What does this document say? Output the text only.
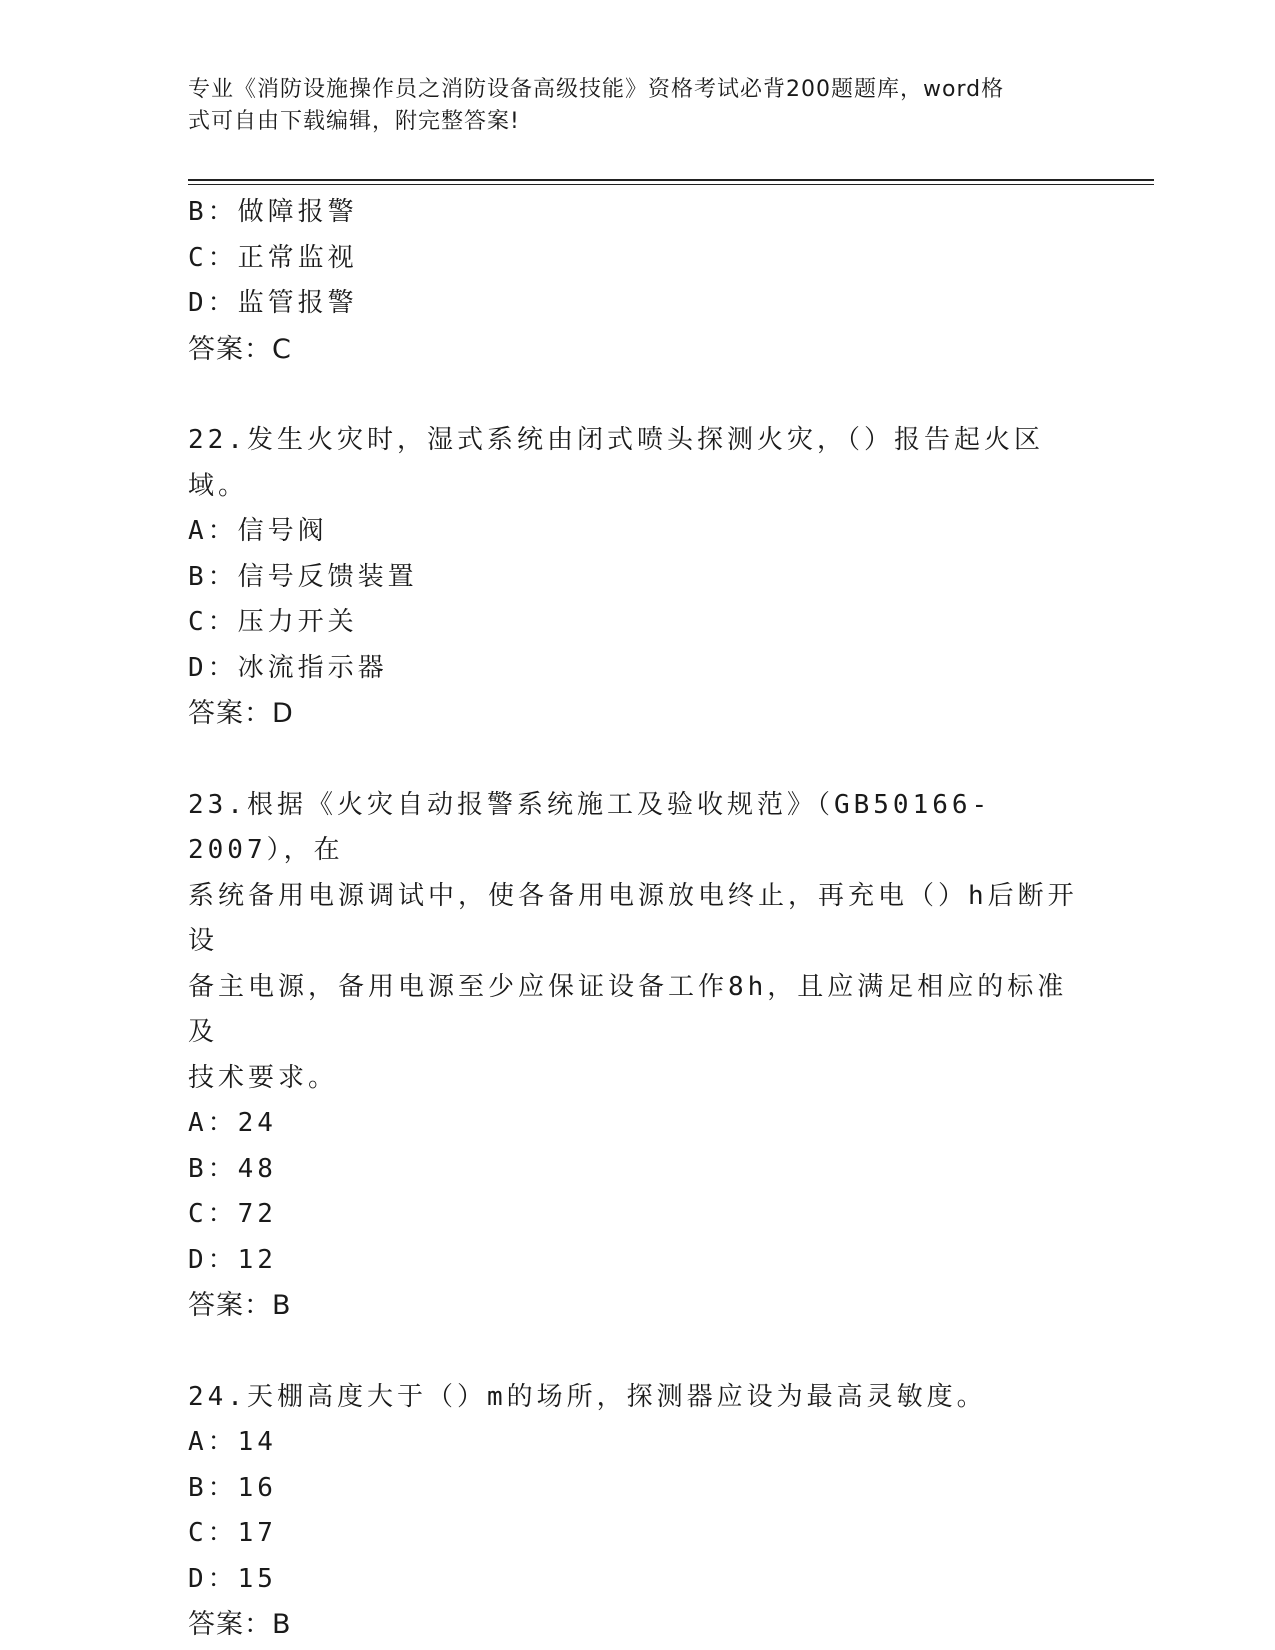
专业《消防设施操作员之消防设备高级技能》资格考试必背200题题库，word格
式可自由下载编辑，附完整答案!
B：做障报警
C：正常监视
D：监管报警
答案：C
22.发生火灾时，湿式系统由闭式喷头探测火灾，（）报告起火区域。
A：信号阀
B：信号反馈装置
C：压力开关
D：冰流指示器
答案：D
23.根据《火灾自动报警系统施工及验收规范》（GB50166-2007），在
系统备用电源调试中，使各备用电源放电终止，再充电（）h后断开设
备主电源，备用电源至少应保证设备工作8h，且应满足相应的标准及
技术要求。
A：24
B：48
C：72
D：12
答案：B
24.天棚高度大于（）m的场所，探测器应设为最高灵敏度。
A：14
B：16
C：17
D：15
答案：B
